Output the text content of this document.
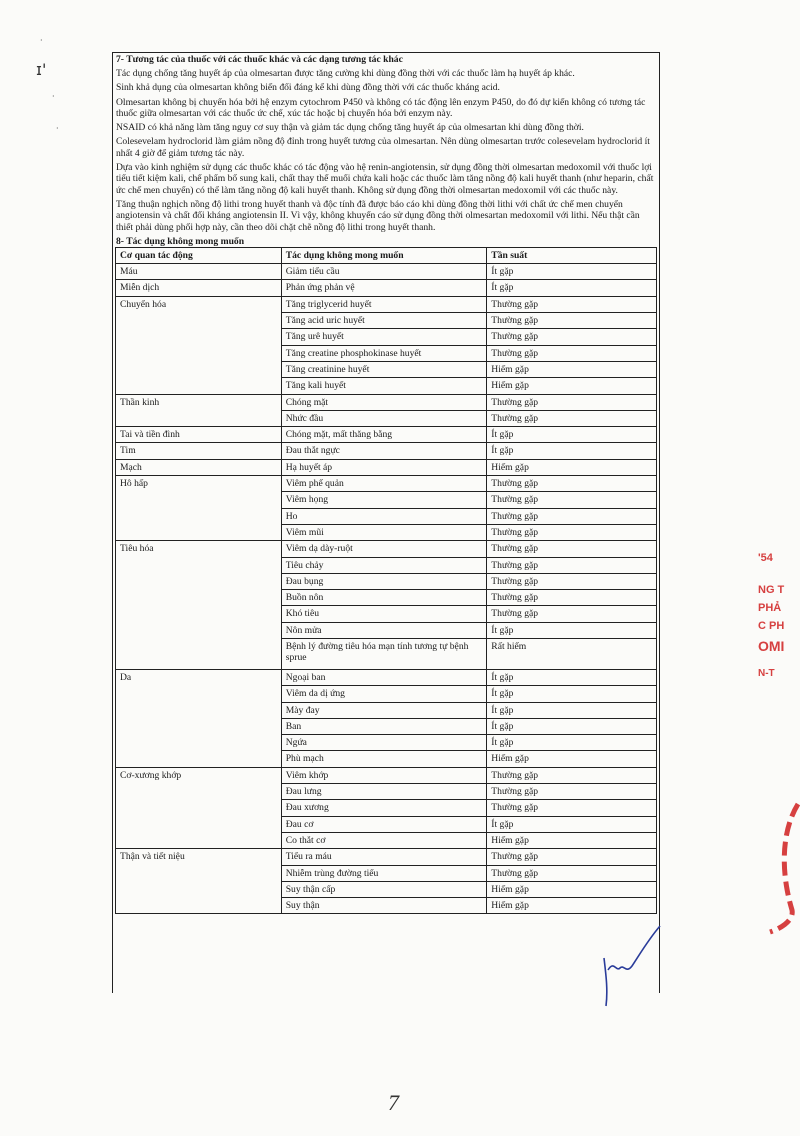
ɪ'
·
·
·
7- Tương tác của thuốc với các thuốc khác và các dạng tương tác khác

Tác dụng chống tăng huyết áp của olmesartan được tăng cường khi dùng đồng thời với các thuốc làm hạ huyết áp khác.

Sinh khả dụng của olmesartan không biến đổi đáng kể khi dùng đồng thời với các thuốc kháng acid.

Olmesartan không bị chuyển hóa bởi hệ enzym cytochrom P450 và không có tác động lên enzym P450, do đó dự kiến không có tương tác thuốc giữa olmesartan với các thuốc ức chế, xúc tác hoặc bị chuyển hóa bởi enzym này.

NSAID có khả năng làm tăng nguy cơ suy thận và giảm tác dụng chống tăng huyết áp của olmesartan khi dùng đồng thời.

Colesevelam hydroclorid làm giảm nồng độ đỉnh trong huyết tương của olmesartan. Nên dùng olmesartan trước colesevelam hydroclorid ít nhất 4 giờ để giảm tương tác này.

Dựa vào kinh nghiệm sử dụng các thuốc khác có tác động vào hệ renin-angiotensin, sử dụng đồng thời olmesartan medoxomil với thuốc lợi tiểu tiết kiệm kali, chế phẩm bổ sung kali, chất thay thế muối chứa kali hoặc các thuốc làm tăng nồng độ kali huyết thanh (như heparin, chất ức chế men chuyển) có thể làm tăng nồng độ kali huyết thanh. Không sử dụng đồng thời olmesartan medoxomil với các thuốc này.

Tăng thuận nghịch nồng độ lithi trong huyết thanh và độc tính đã được báo cáo khi dùng đồng thời lithi với chất ức chế men chuyển angiotensin và chất đối kháng angiotensin II. Vì vậy, không khuyến cáo sử dụng đồng thời olmesartan medoxomil với lithi. Nếu thật cần thiết phải dùng phối hợp này, cần theo dõi chặt chẽ nồng độ lithi trong huyết thanh.

8- Tác dụng không mong muốn
Cơ quan tác động	Tác dụng không mong muốn	Tần suất
Máu	Giảm tiểu cầu	Ít gặp
Miễn dịch	Phản ứng phản vệ	Ít gặp
Chuyển hóa	Tăng triglycerid huyết	Thường gặp
	Tăng acid uric huyết	Thường gặp
	Tăng urê huyết	Thường gặp
	Tăng creatine phosphokinase huyết	Thường gặp
	Tăng creatinine huyết	Hiếm gặp
	Tăng kali huyết	Hiếm gặp
Thần kinh	Chóng mặt	Thường gặp
	Nhức đầu	Thường gặp
Tai và tiền đình	Chóng mặt, mất thăng bằng	Ít gặp
Tim	Đau thắt ngực	Ít gặp
Mạch	Hạ huyết áp	Hiếm gặp
Hô hấp	Viêm phế quản	Thường gặp
	Viêm họng	Thường gặp
	Ho	Thường gặp
	Viêm mũi	Thường gặp
Tiêu hóa	Viêm dạ dày-ruột	Thường gặp
	Tiêu chảy	Thường gặp
	Đau bụng	Thường gặp
	Buồn nôn	Thường gặp
	Khó tiêu	Thường gặp
	Nôn mửa	Ít gặp
	Bệnh lý đường tiêu hóa mạn tính tương tự bệnh sprue	Rất hiếm
Da	Ngoại ban	Ít gặp
	Viêm da dị ứng	Ít gặp
	Mày đay	Ít gặp
	Ban	Ít gặp
	Ngứa	Ít gặp
	Phù mạch	Hiếm gặp
Cơ-xương khớp	Viêm khớp	Thường gặp
	Đau lưng	Thường gặp
	Đau xương	Thường gặp
	Đau cơ	Ít gặp
	Co thắt cơ	Hiếm gặp
Thận và tiết niệu	Tiểu ra máu	Thường gặp
	Nhiễm trùng đường tiểu	Thường gặp
	Suy thận cấp	Hiếm gặp
	Suy thận	Hiếm gặp
'54
NG T
PHẢ
C PH
OMI
N-T
7
